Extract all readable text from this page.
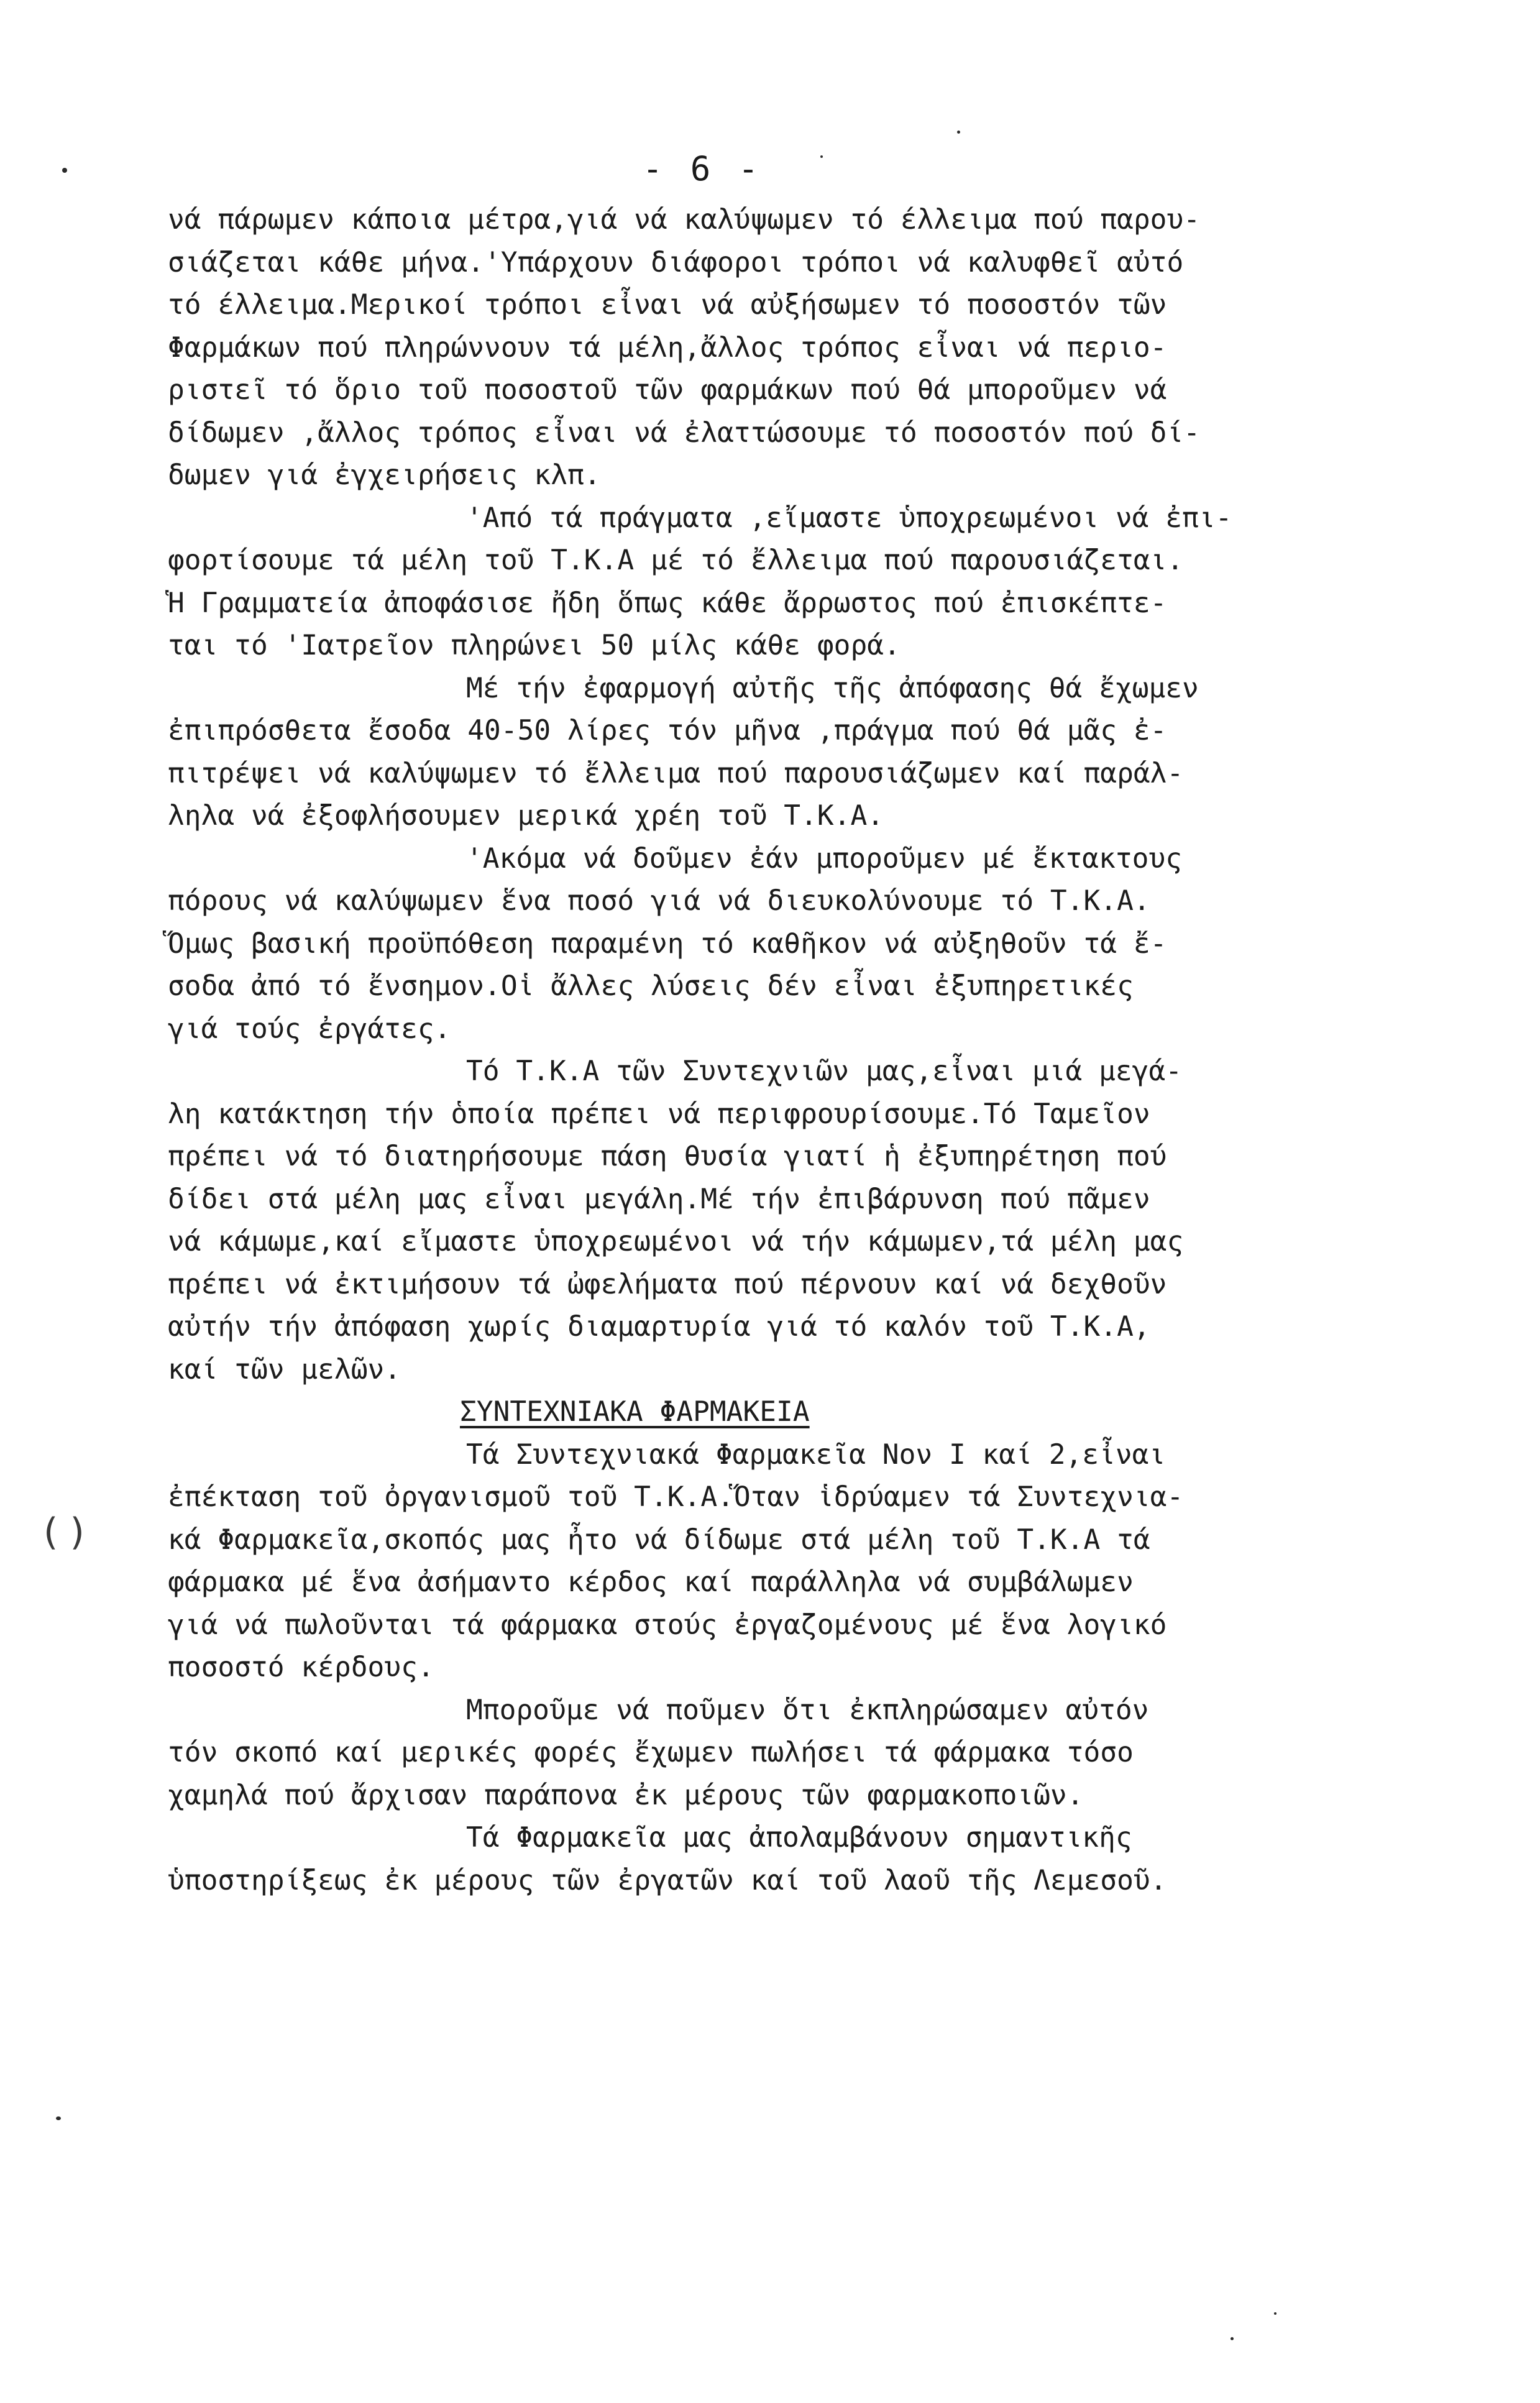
- 6 -
νά πάρωμεν κάποια μέτρα,γιά νά καλύψωμεν τό έλλειμα πού παρου-
σιάζεται κάθε μήνα.'Υπάρχουν διάφοροι τρόποι νά καλυφθεῖ αὐτό
τό έλλειμα.Μερικοί τρόποι εἶναι νά αὐξήσωμεν τό ποσοστόν τῶν
Φαρμάκων πού πληρώννουν τά μέλη,ἄλλος τρόπος εἶναι νά περιο-
ριστεῖ τό ὅριο τοῦ ποσοστοῦ τῶν φαρμάκων πού θά μποροῦμεν νά
δίδωμεν ,ἄλλος τρόπος εἶναι νά ἐλαττώσουμε τό ποσοστόν πού δί-
δωμεν γιά ἐγχειρήσεις κλπ.
'Από τά πράγματα ,εἴμαστε ὑποχρεωμένοι νά ἐπι-
φορτίσουμε τά μέλη τοῦ Τ.Κ.Α μέ τό ἔλλειμα πού παρουσιάζεται.
Ἡ Γραμματεία ἀποφάσισε ἤδη ὅπως κάθε ἄρρωστος πού ἐπισκέπτε-
ται τό 'Ιατρεῖον πληρώνει 50 μίλς κάθε φορά.
Μέ τήν ἐφαρμογή αὐτῆς τῆς ἀπόφασης θά ἔχωμεν
ἐπιπρόσθετα ἔσοδα 40-50 λίρες τόν μῆνα ,πράγμα πού θά μᾶς ἐ-
πιτρέψει νά καλύψωμεν τό ἔλλειμα πού παρουσιάζωμεν καί παράλ-
ληλα νά ἐξοφλήσουμεν μερικά χρέη τοῦ Τ.Κ.Α.
'Ακόμα νά δοῦμεν ἐάν μποροῦμεν μέ ἔκτακτους
πόρους νά καλύψωμεν ἕνα ποσό γιά νά διευκολύνουμε τό Τ.Κ.Α.
Ὅμως βασική προϋπόθεση παραμένη τό καθῆκον νά αὐξηθοῦν τά ἔ-
σοδα ἀπό τό ἔνσημον.Οἱ ἄλλες λύσεις δέν εἶναι ἐξυπηρετικές
γιά τούς ἐργάτες.
Τό Τ.Κ.Α τῶν Συντεχνιῶν μας,εἶναι μιά μεγά-
λη κατάκτηση τήν ὁποία πρέπει νά περιφρουρίσουμε.Τό Ταμεῖον
πρέπει νά τό διατηρήσουμε πάση θυσία γιατί ἡ ἐξυπηρέτηση πού
δίδει στά μέλη μας εἶναι μεγάλη.Μέ τήν ἐπιβάρυνση πού πᾶμεν
νά κάμωμε,καί εἴμαστε ὑποχρεωμένοι νά τήν κάμωμεν,τά μέλη μας
πρέπει νά ἐκτιμήσουν τά ὠφελήματα πού πέρνουν καί νά δεχθοῦν
αὐτήν τήν ἀπόφαση χωρίς διαμαρτυρία γιά τό καλόν τοῦ Τ.Κ.Α,
καί τῶν μελῶν.
ΣΥΝΤΕΧΝΙΑΚΑ ΦΑΡΜΑΚΕΙΑ
Τά Συντεχνιακά Φαρμακεῖα Νον Ι καί 2,εἶναι
ἐπέκταση τοῦ ὀργανισμοῦ τοῦ Τ.Κ.Α.Ὅταν ἱδρύαμεν τά Συντεχνια-
κά Φαρμακεῖα,σκοπός μας ἦτο νά δίδωμε στά μέλη τοῦ Τ.Κ.Α τά
φάρμακα μέ ἕνα ἀσήμαντο κέρδος καί παράλληλα νά συμβάλωμεν
γιά νά πωλοῦνται τά φάρμακα στούς ἐργαζομένους μέ ἕνα λογικό
ποσοστό κέρδους.
Μποροῦμε νά ποῦμεν ὅτι ἐκπληρώσαμεν αὐτόν
τόν σκοπό καί μερικές φορές ἔχωμεν πωλήσει τά φάρμακα τόσο
χαμηλά πού ἄρχισαν παράπονα ἐκ μέρους τῶν φαρμακοποιῶν.
Τά Φαρμακεῖα μας ἀπολαμβάνουν σημαντικῆς
ὑποστηρίξεως ἐκ μέρους τῶν ἐργατῶν καί τοῦ λαοῦ τῆς Λεμεσοῦ.
( )
